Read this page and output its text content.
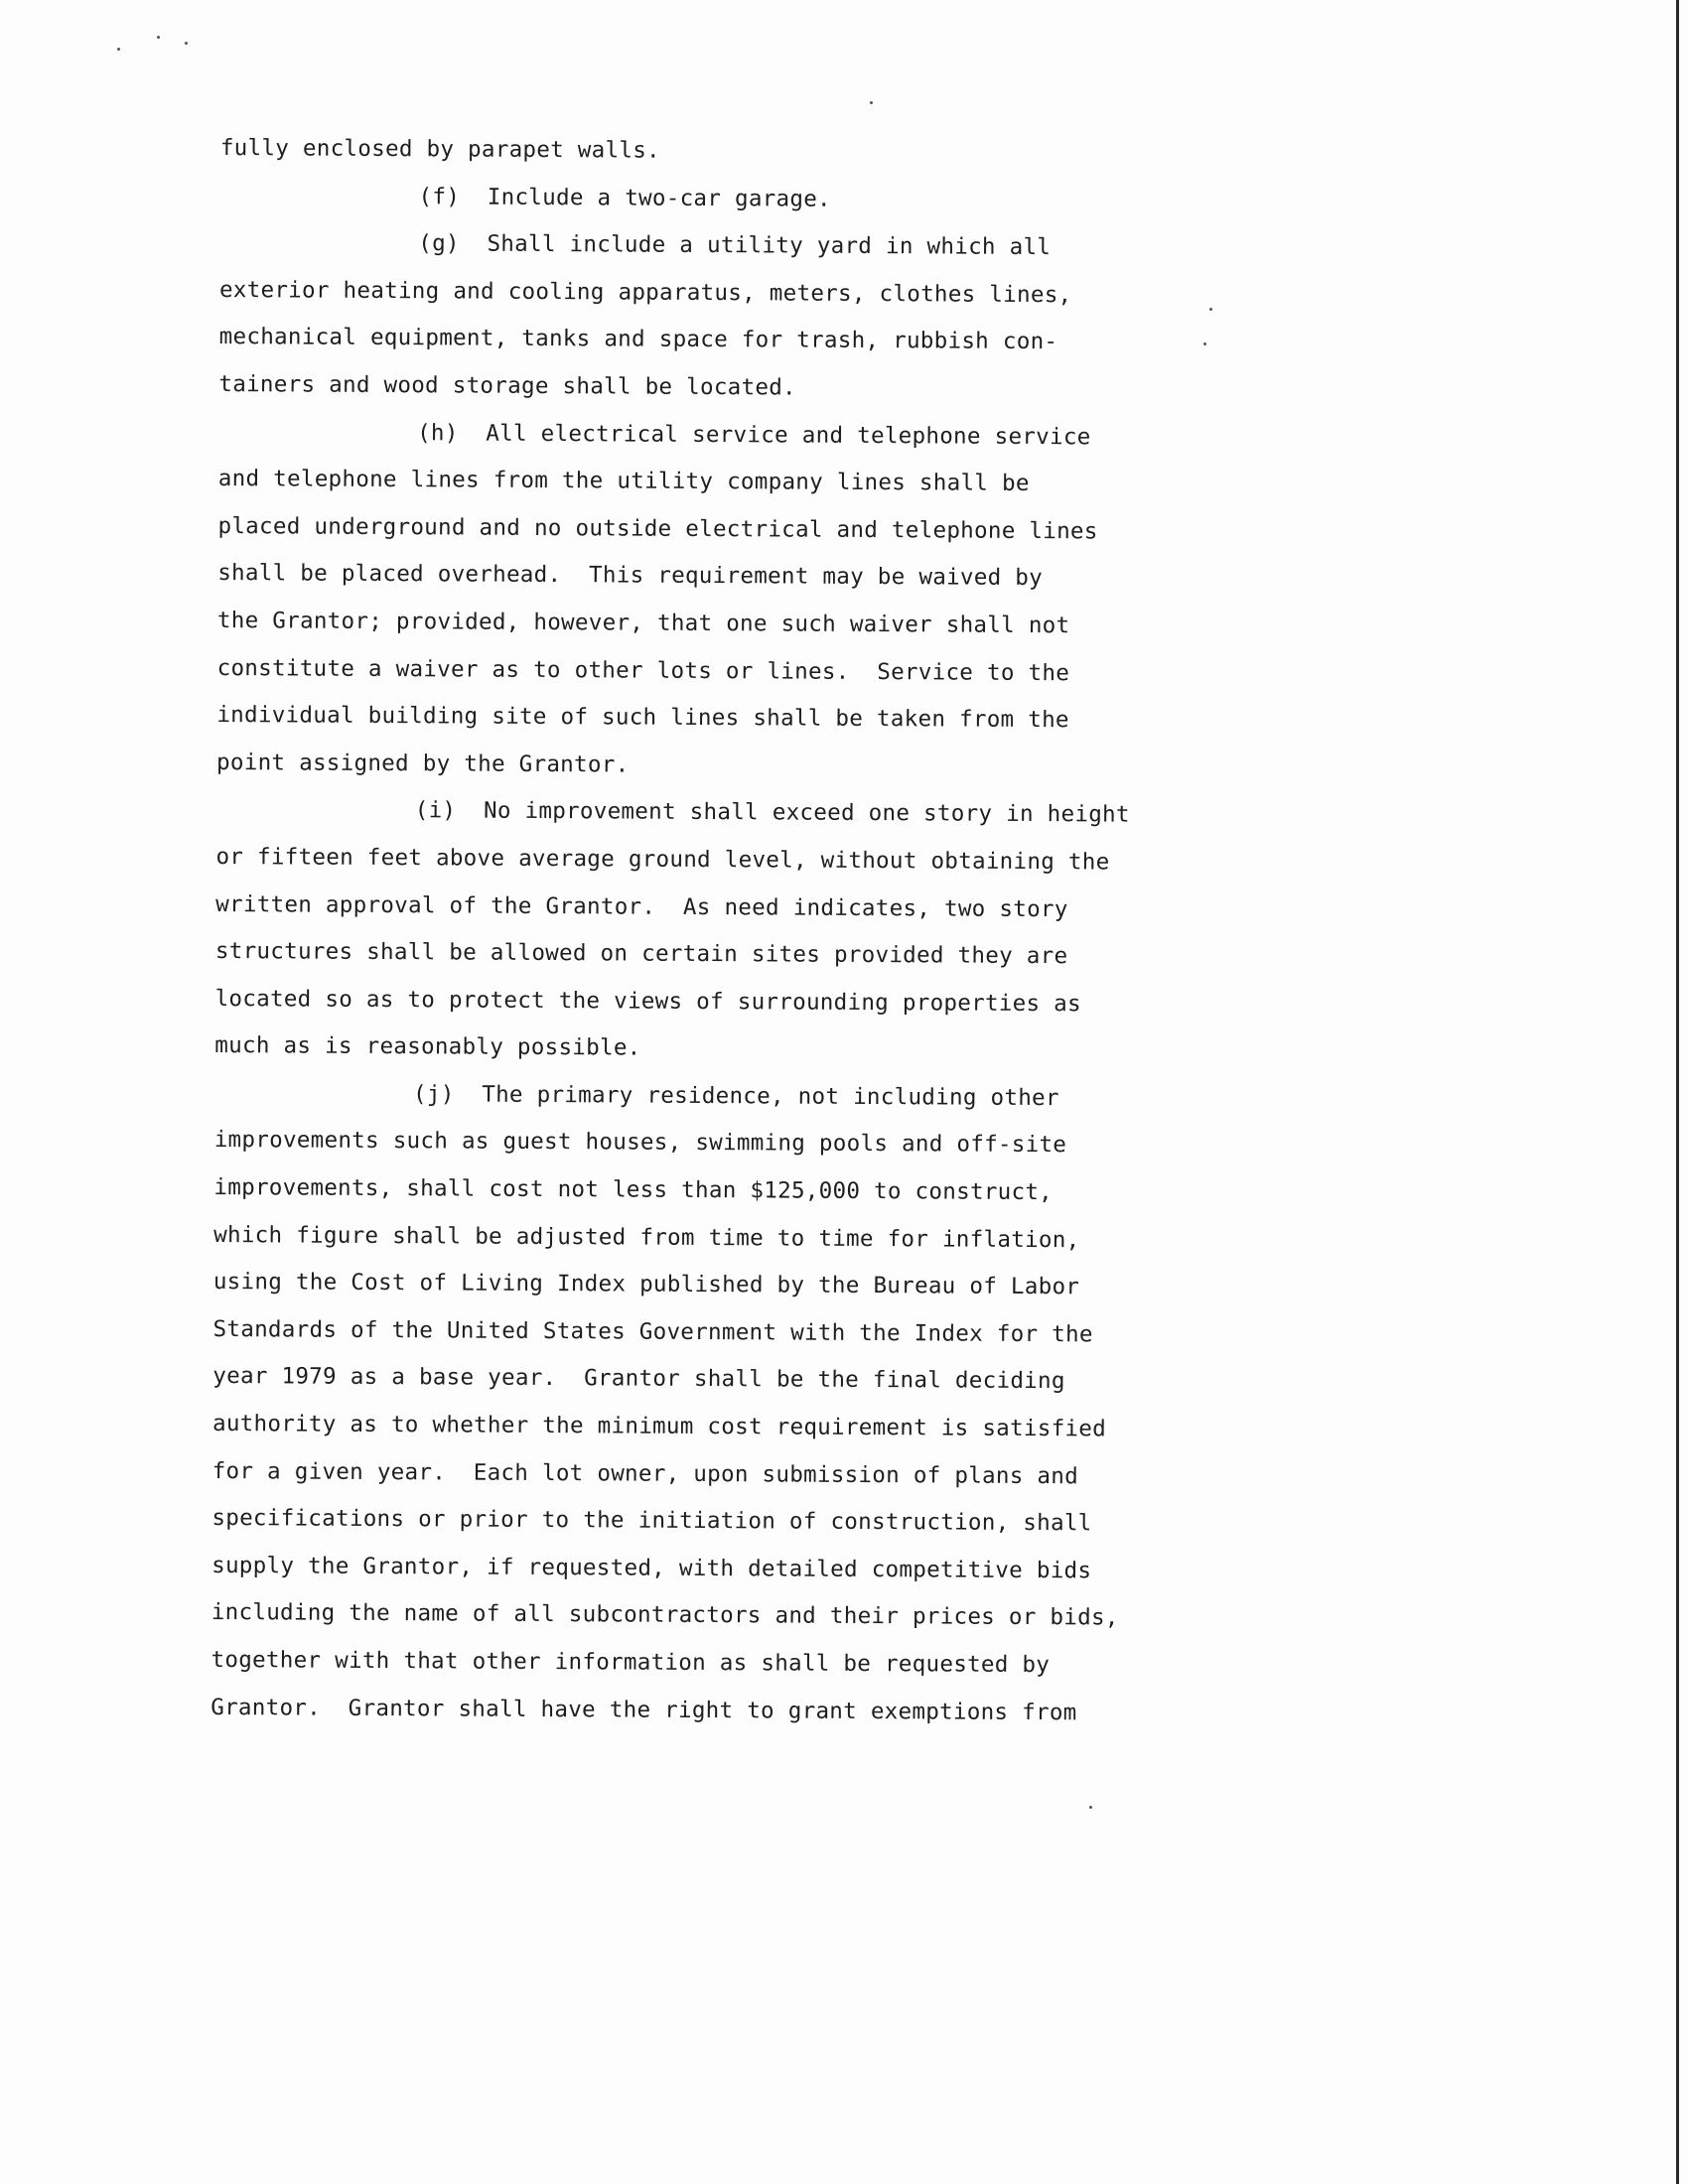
fully enclosed by parapet walls.
(f)  Include a two-car garage.
(g)  Shall include a utility yard in which all
exterior heating and cooling apparatus, meters, clothes lines,
mechanical equipment, tanks and space for trash, rubbish con-
tainers and wood storage shall be located.
(h)  All electrical service and telephone service
and telephone lines from the utility company lines shall be
placed underground and no outside electrical and telephone lines
shall be placed overhead.  This requirement may be waived by
the Grantor; provided, however, that one such waiver shall not
constitute a waiver as to other lots or lines.  Service to the
individual building site of such lines shall be taken from the
point assigned by the Grantor.
(i)  No improvement shall exceed one story in height
or fifteen feet above average ground level, without obtaining the
written approval of the Grantor.  As need indicates, two story
structures shall be allowed on certain sites provided they are
located so as to protect the views of surrounding properties as
much as is reasonably possible.
(j)  The primary residence, not including other
improvements such as guest houses, swimming pools and off-site
improvements, shall cost not less than $125,000 to construct,
which figure shall be adjusted from time to time for inflation,
using the Cost of Living Index published by the Bureau of Labor
Standards of the United States Government with the Index for the
year 1979 as a base year.  Grantor shall be the final deciding
authority as to whether the minimum cost requirement is satisfied
for a given year.  Each lot owner, upon submission of plans and
specifications or prior to the initiation of construction, shall
supply the Grantor, if requested, with detailed competitive bids
including the name of all subcontractors and their prices or bids,
together with that other information as shall be requested by
Grantor.  Grantor shall have the right to grant exemptions from
